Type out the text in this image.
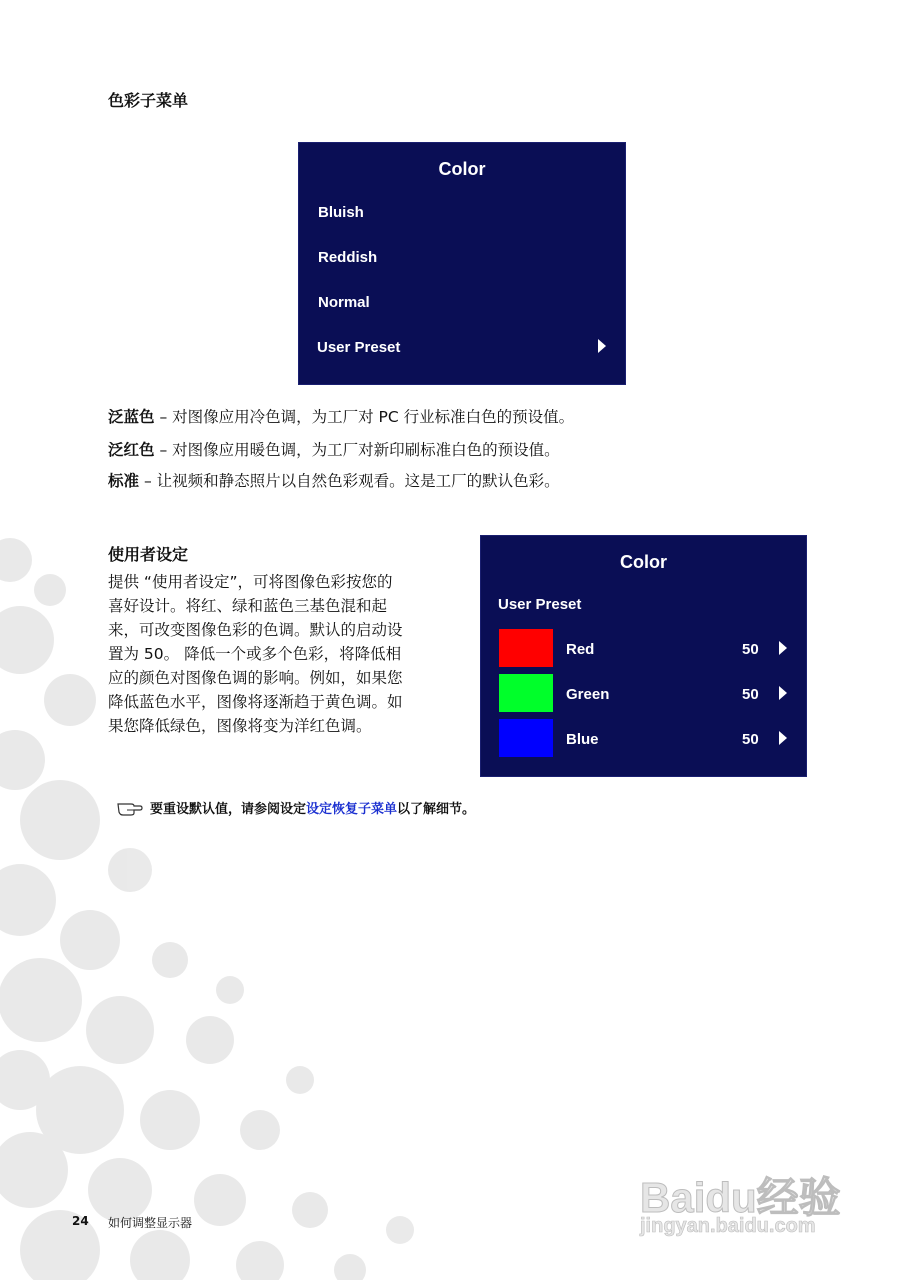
色彩子菜单
Color
Bluish
Reddish
Normal
User Preset
泛蓝色 – 对图像应用冷色调，为工厂对 PC 行业标准白色的预设值。
泛红色 – 对图像应用暖色调，为工厂对新印刷标准白色的预设值。
标准 – 让视频和静态照片以自然色彩观看。这是工厂的默认色彩。
使用者设定
提供 “使用者设定”，可将图像色彩按您的
喜好设计。将红、绿和蓝色三基色混和起
来，可改变图像色彩的色调。默认的启动设
置为 50。 降低一个或多个色彩，将降低相
应的颜色对图像色调的影响。例如，如果您
降低蓝色水平，图像将逐渐趋于黄色调。如
果您降低绿色，图像将变为洋红色调。
Color
User Preset
Red	50
Green	50
Blue	50
要重设默认值，请参阅设定设定恢复子菜单以了解细节。
24 如何调整显示器
Baidu经验
jingyan.baidu.com
